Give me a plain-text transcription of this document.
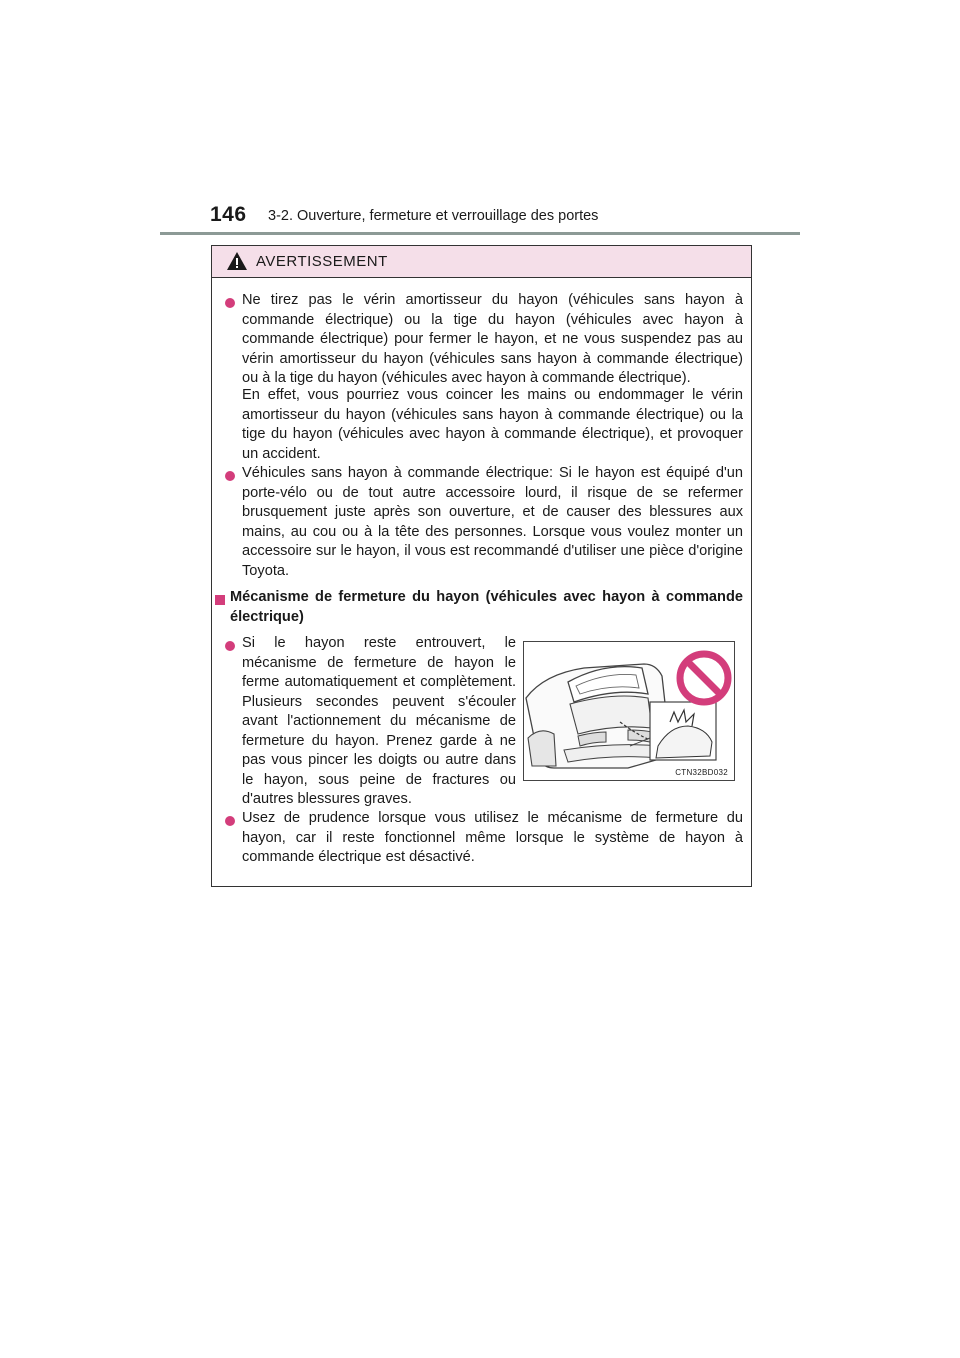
146 3-2. Ouverture, fermeture et verrouillage des portes
AVERTISSEMENT
Ne tirez pas le vérin amortisseur du hayon (véhicules sans hayon à commande électrique) ou la tige du hayon (véhicules avec hayon à commande électrique) pour fermer le hayon, et ne vous suspendez pas au vérin amortisseur du hayon (véhicules sans hayon à commande électrique) ou à la tige du hayon (véhicules avec hayon à commande électrique).
En effet, vous pourriez vous coincer les mains ou endommager le vérin amortisseur du hayon (véhicules sans hayon à commande électrique) ou la tige du hayon (véhicules avec hayon à commande électrique), et provoquer un accident.
Véhicules sans hayon à commande électrique: Si le hayon est équipé d'un porte-vélo ou de tout autre accessoire lourd, il risque de se refermer brusquement juste après son ouverture, et de causer des blessures aux mains, au cou ou à la tête des personnes. Lorsque vous voulez monter un accessoire sur le hayon, il vous est recommandé d'utiliser une pièce d'origine Toyota.
Mécanisme de fermeture du hayon (véhicules avec hayon à commande électrique)
Si le hayon reste entrouvert, le mécanisme de fermeture de hayon le ferme automatiquement et complètement. Plusieurs secondes peuvent s'écouler avant l'actionnement du mécanisme de fermeture du hayon. Prenez garde à ne pas vous pincer les doigts ou autre dans le hayon, sous peine de fractures ou d'autres blessures graves.
CTN32BD032
Usez de prudence lorsque vous utilisez le mécanisme de fermeture du hayon, car il reste fonctionnel même lorsque le système de hayon à commande électrique est désactivé.
